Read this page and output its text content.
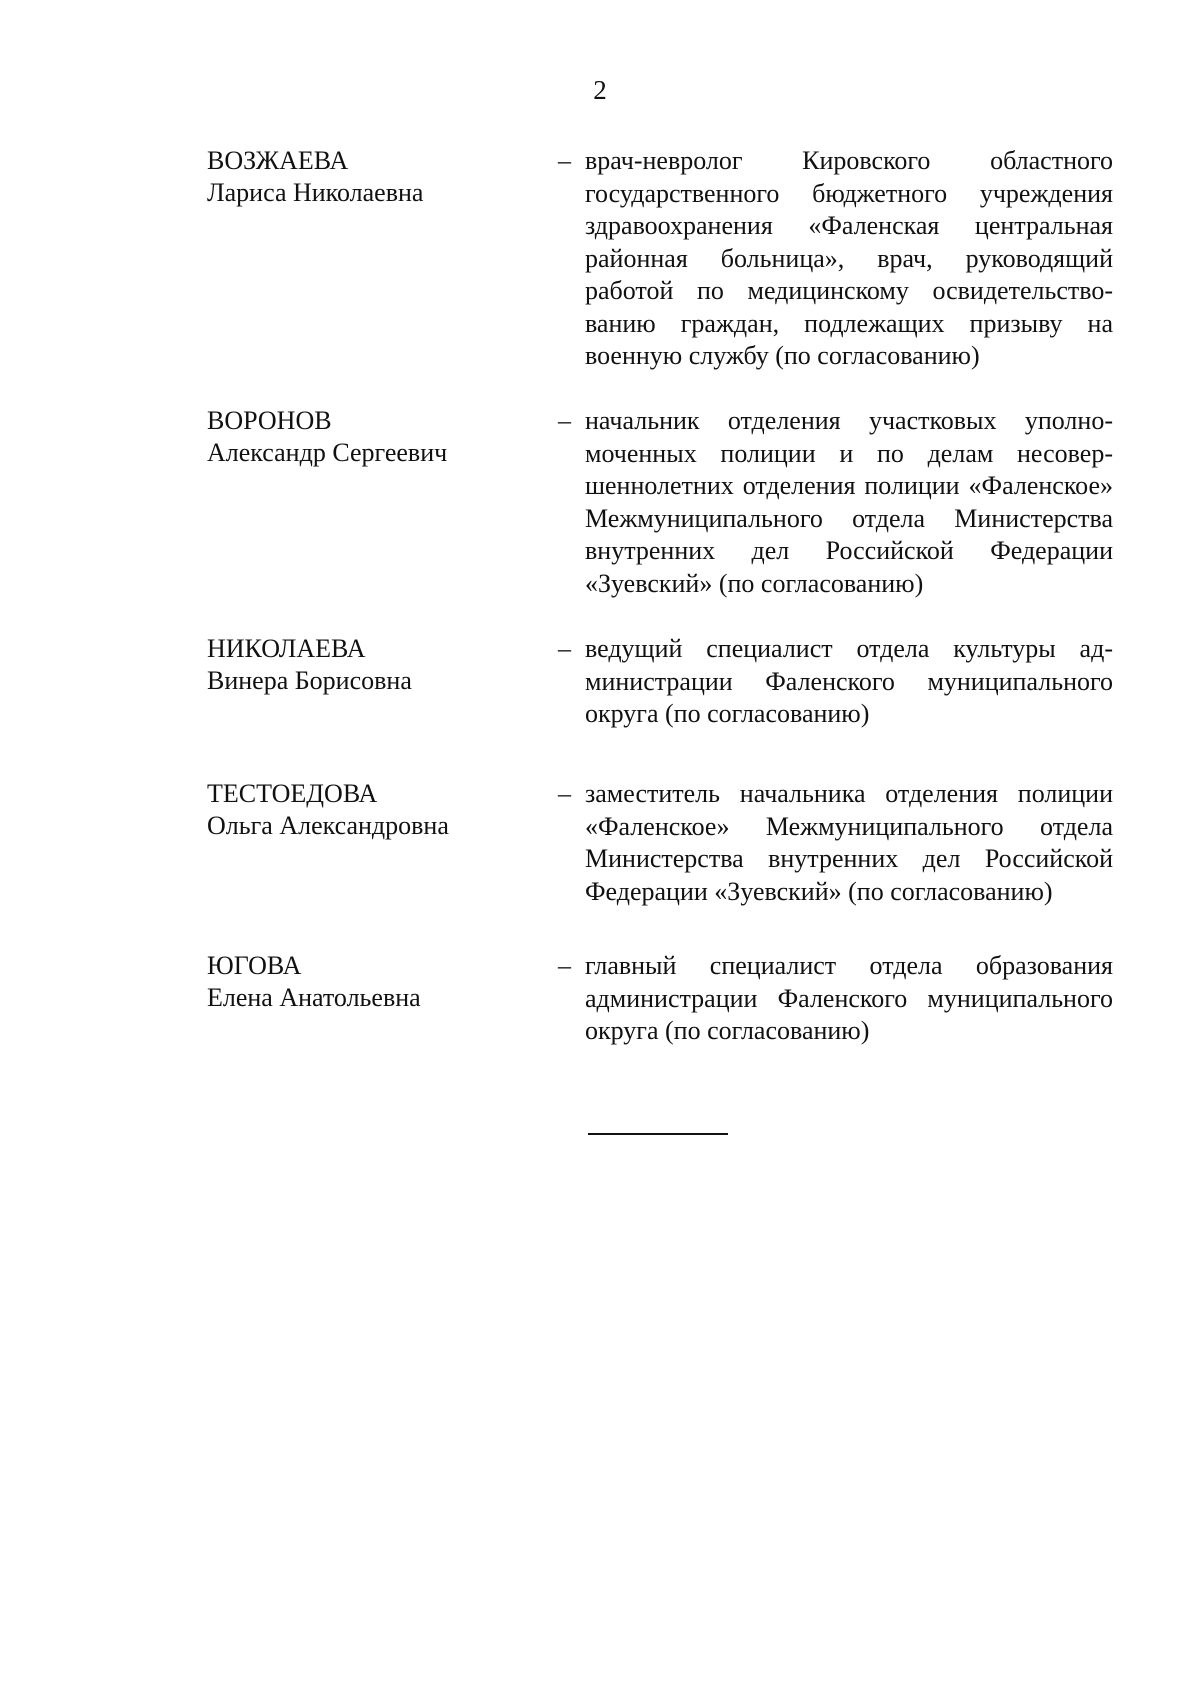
2
ВОЗЖАЕВА
Лариса Николаевна
– врач-невролог Кировского областного государственного бюджетного учреждения здравоохранения «Фаленская центральная районная больница», врач, руководящий работой по медицинскому освидетельствованию граждан, подлежащих призыву на военную службу (по согласованию)
ВОРОНОВ
Александр Сергеевич
– начальник отделения участковых уполномоченных полиции и по делам несовершеннолетних отделения полиции «Фаленское» Межмуниципального отдела Министерства внутренних дел Российской Федерации «Зуевский» (по согласованию)
НИКОЛАЕВА
Винера Борисовна
– ведущий специалист отдела культуры администрации Фаленского муниципального округа (по согласованию)
ТЕСТОЕДОВА
Ольга Александровна
– заместитель начальника отделения полиции «Фаленское» Межмуниципального отдела Министерства внутренних дел Российской Федерации «Зуевский» (по согласованию)
ЮГОВА
Елена Анатольевна
– главный специалист отдела образования администрации Фаленского муниципального округа (по согласованию)
